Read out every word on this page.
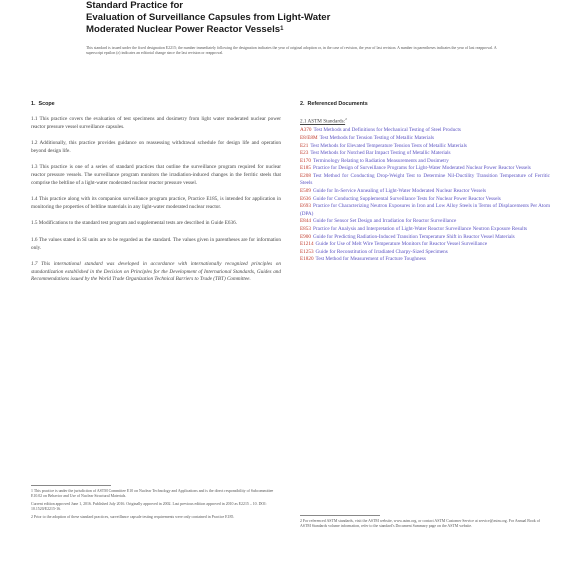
Standard Practice for
Evaluation of Surveillance Capsules from Light-Water
Moderated Nuclear Power Reactor Vessels$^1$
This standard is issued under the fixed designation E2215; the number immediately following the designation indicates the year of original adoption or, in the case of revision, the year of last revision. A number in parentheses indicates the year of last reapproval. A superscript epsilon (ε) indicates an editorial change since the last revision or reapproval.
1. Scope

1.1 This practice covers the evaluation of test specimens and dosimetry from light water moderated nuclear power reactor pressure vessel surveillance capsules.

1.2 Additionally, this practice provides guidance on reassessing withdrawal schedule for design life and operation beyond design life.

1.3 This practice is one of a series of standard practices that outline the surveillance program required for nuclear reactor pressure vessels. The surveillance program monitors the irradiation-induced changes in the ferritic steels that comprise the beltline of a light-water moderated nuclear reactor pressure vessel.

1.4 This practice along with its companion surveillance program practice, Practice E185, is intended for application in monitoring the properties of beltline materials in any light-water moderated nuclear reactor.

1.5 Modifications to the standard test program and supplemental tests are described in Guide E636.

1.6 The values stated in SI units are to be regarded as the standard. The values given in parentheses are for information only.

1.7 This international standard was developed in accordance with internationally recognized principles on standardization established in the Decision on Principles for the Development of International Standards, Guides and Recommendations issued by the World Trade Organization Technical Barriers to Trade (TBT) Committee.

2. Referenced Documents
2.1 ASTM Standards:$^2$

A370 Test Methods and Definitions for Mechanical Testing of Steel Products

E8/E8M Test Methods for Tension Testing of Metallic Materials

E21 Test Methods for Elevated Temperature Tension Tests of Metallic Materials

E23 Test Methods for Notched Bar Impact Testing of Metallic Materials

E170 Terminology Relating to Radiation Measurements and Dosimetry

E185 Practice for Design of Surveillance Programs for Light-Water Moderated Nuclear Power Reactor Vessels

E208 Test Method for Conducting Drop-Weight Test to Determine Nil-Ductility Transition Temperature of Ferritic Steels

E509 Guide for In-Service Annealing of Light-Water Moderated Nuclear Reactor Vessels

E636 Guide for Conducting Supplemental Surveillance Tests for Nuclear Power Reactor Vessels

E693 Practice for Characterizing Neutron Exposures in Iron and Low Alloy Steels in Terms of Displacements Per Atom (DPA)

E844 Guide for Sensor Set Design and Irradiation for Reactor Surveillance

E853 Practice for Analysis and Interpretation of Light-Water Reactor Surveillance Neutron Exposure Results

E900 Guide for Predicting Radiation-Induced Transition Temperature Shift in Reactor Vessel Materials

E1214 Guide for Use of Melt Wire Temperature Monitors for Reactor Vessel Surveillance

E1253 Guide for Reconstitution of Irradiated Charpy-Sized Specimens

E1820 Test Method for Measurement of Fracture Toughness

1 This practice is under the jurisdiction of ASTM Committee E10 on Nuclear Technology and Applications and is the direct responsibility of Subcommittee E10.02 on Behavior and Use of Nuclear Structural Materials.

Current edition approved June 1, 2016. Published July 2016. Originally approved in 2002. Last previous edition approved in 2010 as E2215 – 10. DOI: 10.1520/E2215-16.

2 Prior to the adoption of these standard practices, surveillance capsule testing requirements were only contained in Practice E185.

2 For referenced ASTM standards, visit the ASTM website, www.astm.org, or contact ASTM Customer Service at service@astm.org. For Annual Book of ASTM Standards volume information, refer to the standard's Document Summary page on the ASTM website.
